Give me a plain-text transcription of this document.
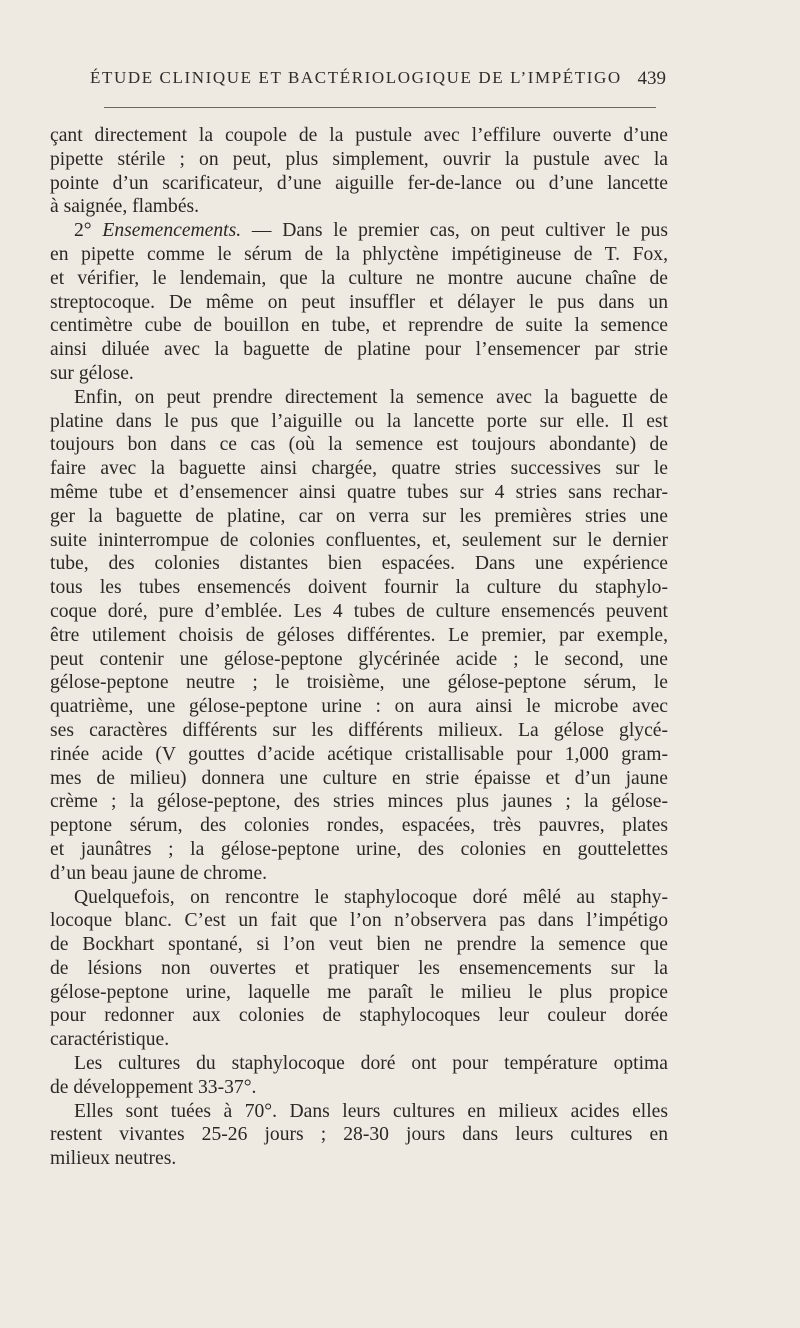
ÉTUDE CLINIQUE ET BACTÉRIOLOGIQUE DE L’IMPÉTIGO 439
çant directement la coupole de la pustule avec l’effilure ouverte d’une
pipette stérile ; on peut, plus simplement, ouvrir la pustule avec la
pointe d’un scarificateur, d’une aiguille fer-de-lance ou d’une lancette
à saignée, flambés.
2° Ensemencements. — Dans le premier cas, on peut cultiver le pus
en pipette comme le sérum de la phlyctène impétigineuse de T. Fox,
et vérifier, le lendemain, que la culture ne montre aucune chaîne de
streptocoque. De même on peut insuffler et délayer le pus dans un
centimètre cube de bouillon en tube, et reprendre de suite la semence
ainsi diluée avec la baguette de platine pour l’ensemencer par strie
sur gélose.
Enfin, on peut prendre directement la semence avec la baguette de
platine dans le pus que l’aiguille ou la lancette porte sur elle. Il est
toujours bon dans ce cas (où la semence est toujours abondante) de
faire avec la baguette ainsi chargée, quatre stries successives sur le
même tube et d’ensemencer ainsi quatre tubes sur 4 stries sans rechar-
ger la baguette de platine, car on verra sur les premières stries une
suite ininterrompue de colonies confluentes, et, seulement sur le dernier
tube, des colonies distantes bien espacées. Dans une expérience
tous les tubes ensemencés doivent fournir la culture du staphylo-
coque doré, pure d’emblée. Les 4 tubes de culture ensemencés peuvent
être utilement choisis de géloses différentes. Le premier, par exemple,
peut contenir une gélose-peptone glycérinée acide ; le second, une
gélose-peptone neutre ; le troisième, une gélose-peptone sérum, le
quatrième, une gélose-peptone urine : on aura ainsi le microbe avec
ses caractères différents sur les différents milieux. La gélose glycé-
rinée acide (V gouttes d’acide acétique cristallisable pour 1,000 gram-
mes de milieu) donnera une culture en strie épaisse et d’un jaune
crème ; la gélose-peptone, des stries minces plus jaunes ; la gélose-
peptone sérum, des colonies rondes, espacées, très pauvres, plates
et jaunâtres ; la gélose-peptone urine, des colonies en gouttelettes
d’un beau jaune de chrome.
Quelquefois, on rencontre le staphylocoque doré mêlé au staphy-
locoque blanc. C’est un fait que l’on n’observera pas dans l’impétigo
de Bockhart spontané, si l’on veut bien ne prendre la semence que
de lésions non ouvertes et pratiquer les ensemencements sur la
gélose-peptone urine, laquelle me paraît le milieu le plus propice
pour redonner aux colonies de staphylocoques leur couleur dorée
caractéristique.
Les cultures du staphylocoque doré ont pour température optima
de développement 33-37°.
Elles sont tuées à 70°. Dans leurs cultures en milieux acides elles
restent vivantes 25-26 jours ; 28-30 jours dans leurs cultures en
milieux neutres.
